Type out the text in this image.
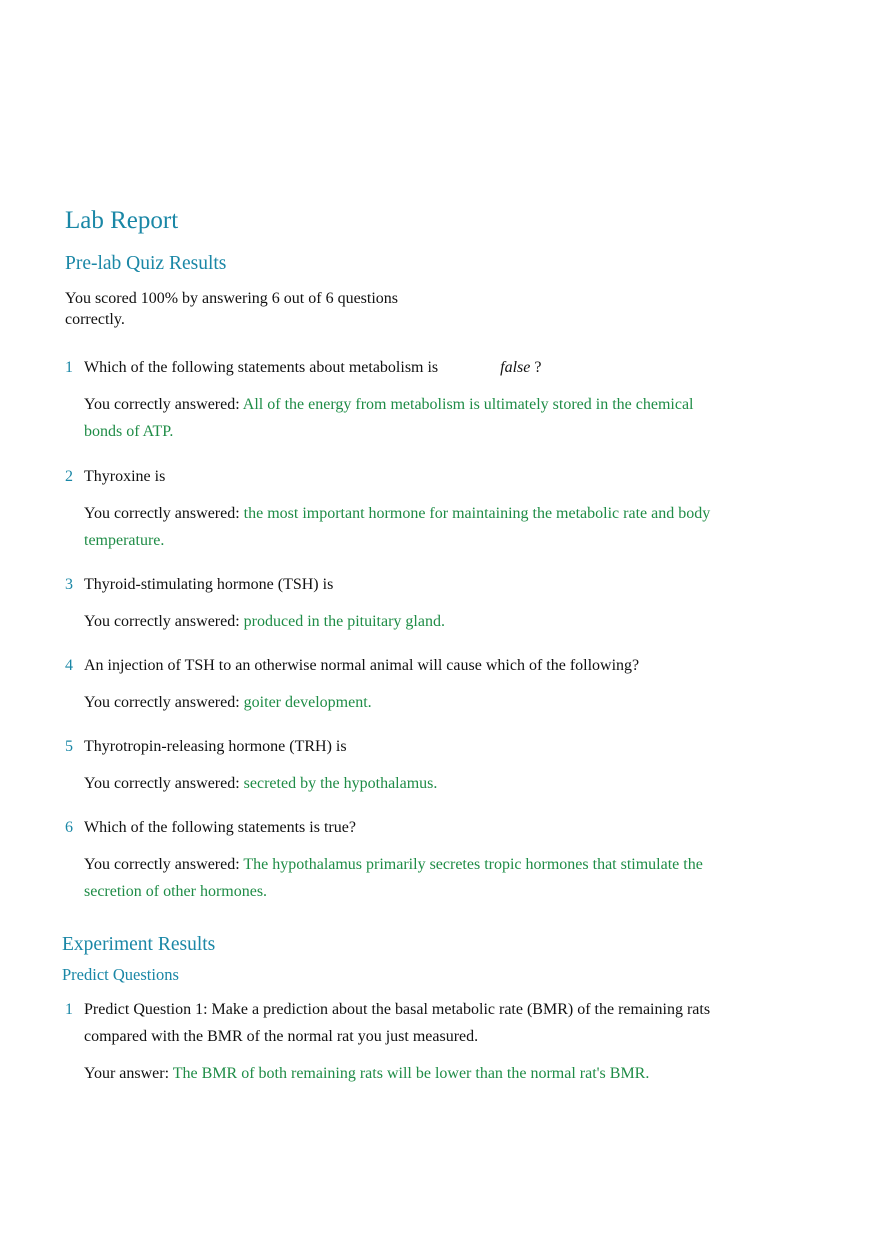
Lab Report
Pre-lab Quiz Results
You scored 100% by answering 6 out of 6 questions correctly.
1 Which of the following statements about metabolism is	false ?
You correctly answered: All of the energy from metabolism is ultimately stored in the chemical bonds of ATP.
2 Thyroxine is
You correctly answered: the most important hormone for maintaining the metabolic rate and body temperature.
3 Thyroid-stimulating hormone (TSH) is
You correctly answered: produced in the pituitary gland.
4 An injection of TSH to an otherwise normal animal will cause which of the following?
You correctly answered: goiter development.
5 Thyrotropin-releasing hormone (TRH) is
You correctly answered: secreted by the hypothalamus.
6 Which of the following statements is true?
You correctly answered: The hypothalamus primarily secretes tropic hormones that stimulate the secretion of other hormones.
Experiment Results
Predict Questions
1 Predict Question 1: Make a prediction about the basal metabolic rate (BMR) of the remaining rats compared with the BMR of the normal rat you just measured.
Your answer: The BMR of both remaining rats will be lower than the normal rat's BMR.
